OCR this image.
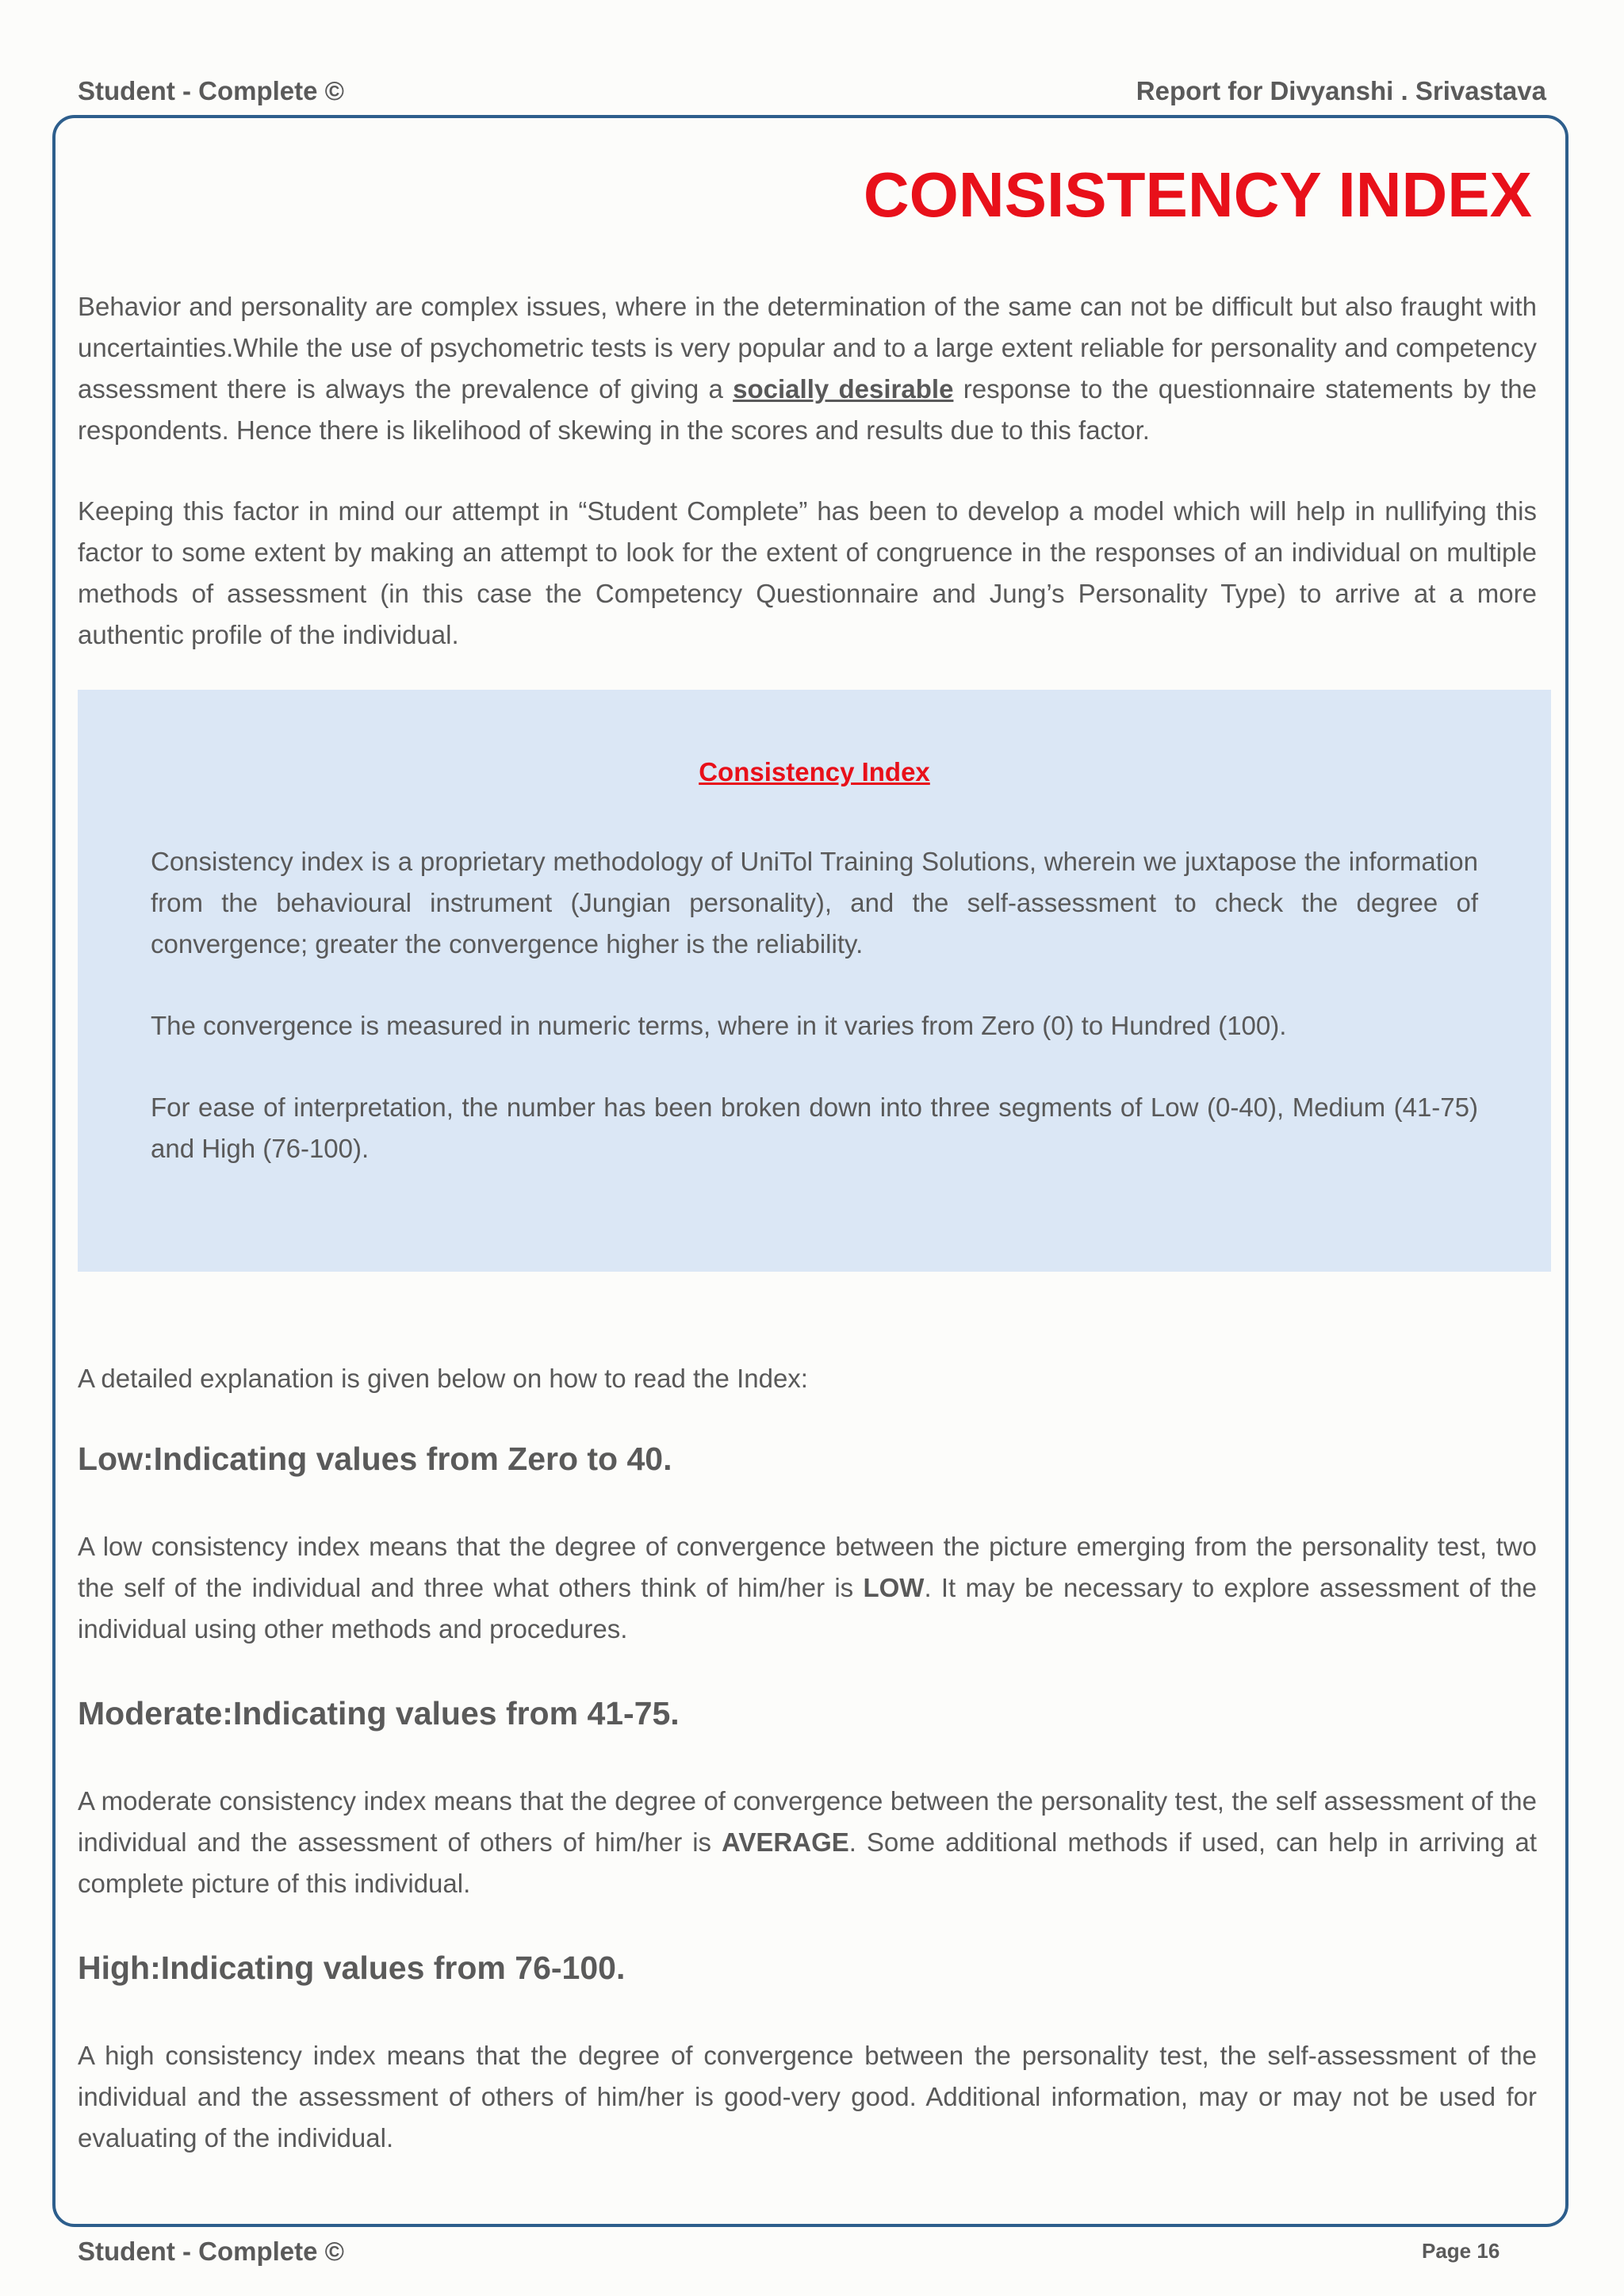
Student - Complete ©	Report for Divyanshi . Srivastava
CONSISTENCY INDEX
Behavior and personality are complex issues, where in the determination of the same can not be difficult but also fraught with uncertainties.While the use of psychometric tests is very popular and to a large extent reliable for personality and competency assessment there is always the prevalence of giving a socially desirable response to the questionnaire statements by the respondents. Hence there is likelihood of skewing in the scores and results due to this factor.
Keeping this factor in mind our attempt in “Student Complete” has been to develop a model which will help in nullifying this factor to some extent by making an attempt to look for the extent of congruence in the responses of an individual on multiple methods of assessment (in this case the Competency Questionnaire and Jung’s Personality Type) to arrive at a more authentic profile of the individual.
Consistency Index
Consistency index is a proprietary methodology of UniTol Training Solutions, wherein we juxtapose the information from the behavioural instrument (Jungian personality), and the self-assessment to check the degree of convergence; greater the convergence higher is the reliability.
The convergence is measured in numeric terms, where in it varies from Zero (0) to Hundred (100).
For ease of interpretation, the number has been broken down into three segments of Low (0-40), Medium (41-75) and High (76-100).
A detailed explanation is given below on how to read the Index:
Low:Indicating values from Zero to 40.
A low consistency index means that the degree of convergence between the picture emerging from the personality test, two the self of the individual and three what others think of him/her is LOW. It may be necessary to explore assessment of the individual using other methods and procedures.
Moderate:Indicating values from 41-75.
A moderate consistency index means that the degree of convergence between the personality test, the self assessment of the individual and the assessment of others of him/her is AVERAGE. Some additional methods if used, can help in arriving at complete picture of this individual.
High:Indicating values from 76-100.
A high consistency index means that the degree of convergence between the personality test, the self-assessment of the individual and the assessment of others of him/her is good-very good. Additional information, may or may not be used for evaluating of the individual.
Student - Complete ©	Page 16
